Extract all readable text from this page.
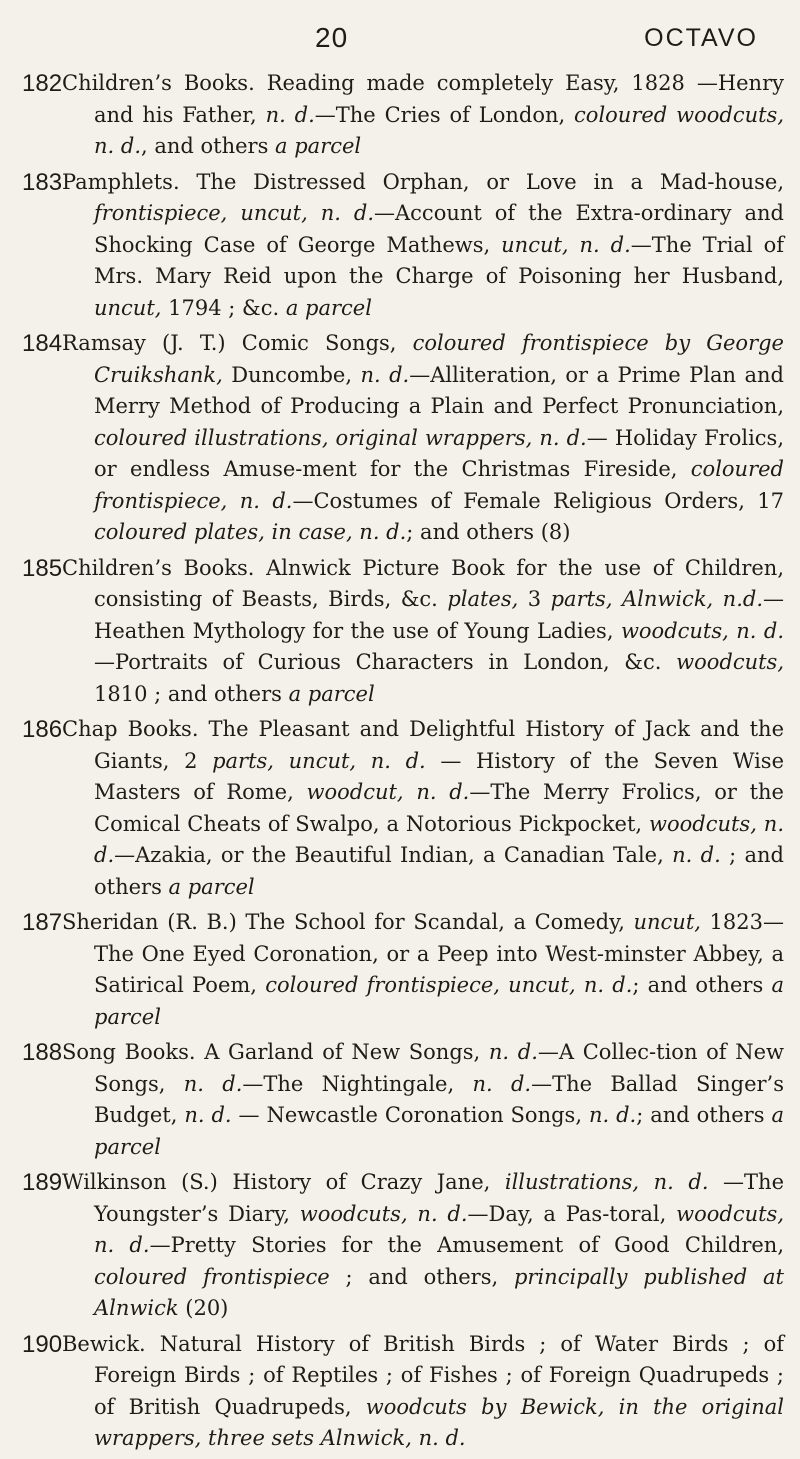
20	OCTAVO
182 Children’s Books. Reading made completely Easy, 1828 —Henry and his Father, n. d.—The Cries of London, coloured woodcuts, n. d., and others a parcel
183 Pamphlets. The Distressed Orphan, or Love in a Mad-house, frontispiece, uncut, n. d.—Account of the Extra-ordinary and Shocking Case of George Mathews, uncut, n. d.—The Trial of Mrs. Mary Reid upon the Charge of Poisoning her Husband, uncut, 1794 ; &c. a parcel
184 Ramsay (J. T.) Comic Songs, coloured frontispiece by George Cruikshank, Duncombe, n. d.—Alliteration, or a Prime Plan and Merry Method of Producing a Plain and Perfect Pronunciation, coloured illustrations, original wrappers, n. d.— Holiday Frolics, or endless Amuse-ment for the Christmas Fireside, coloured frontispiece, n. d.—Costumes of Female Religious Orders, 17 coloured plates, in case, n. d.; and others (8)
185 Children’s Books. Alnwick Picture Book for the use of Children, consisting of Beasts, Birds, &c. plates, 3 parts, Alnwick, n.d.—Heathen Mythology for the use of Young Ladies, woodcuts, n. d.—Portraits of Curious Characters in London, &c. woodcuts, 1810 ; and others a parcel
186 Chap Books. The Pleasant and Delightful History of Jack and the Giants, 2 parts, uncut, n. d. — History of the Seven Wise Masters of Rome, woodcut, n. d.—The Merry Frolics, or the Comical Cheats of Swalpo, a Notorious Pickpocket, woodcuts, n. d.—Azakia, or the Beautiful Indian, a Canadian Tale, n. d. ; and others a parcel
187 Sheridan (R. B.) The School for Scandal, a Comedy, uncut, 1823—The One Eyed Coronation, or a Peep into West-minster Abbey, a Satirical Poem, coloured frontispiece, uncut, n. d.; and others a parcel
188 Song Books. A Garland of New Songs, n. d.—A Collec-tion of New Songs, n. d.—The Nightingale, n. d.—The Ballad Singer’s Budget, n. d. — Newcastle Coronation Songs, n. d.; and others a parcel
189 Wilkinson (S.) History of Crazy Jane, illustrations, n. d. —The Youngster’s Diary, woodcuts, n. d.—Day, a Pas-toral, woodcuts, n. d.—Pretty Stories for the Amusement of Good Children, coloured frontispiece ; and others, principally published at Alnwick (20)
190 Bewick. Natural History of British Birds ; of Water Birds ; of Foreign Birds ; of Reptiles ; of Fishes ; of Foreign Quadrupeds ; of British Quadrupeds, woodcuts by Bewick, in the original wrappers, three sets Alnwick, n. d.
